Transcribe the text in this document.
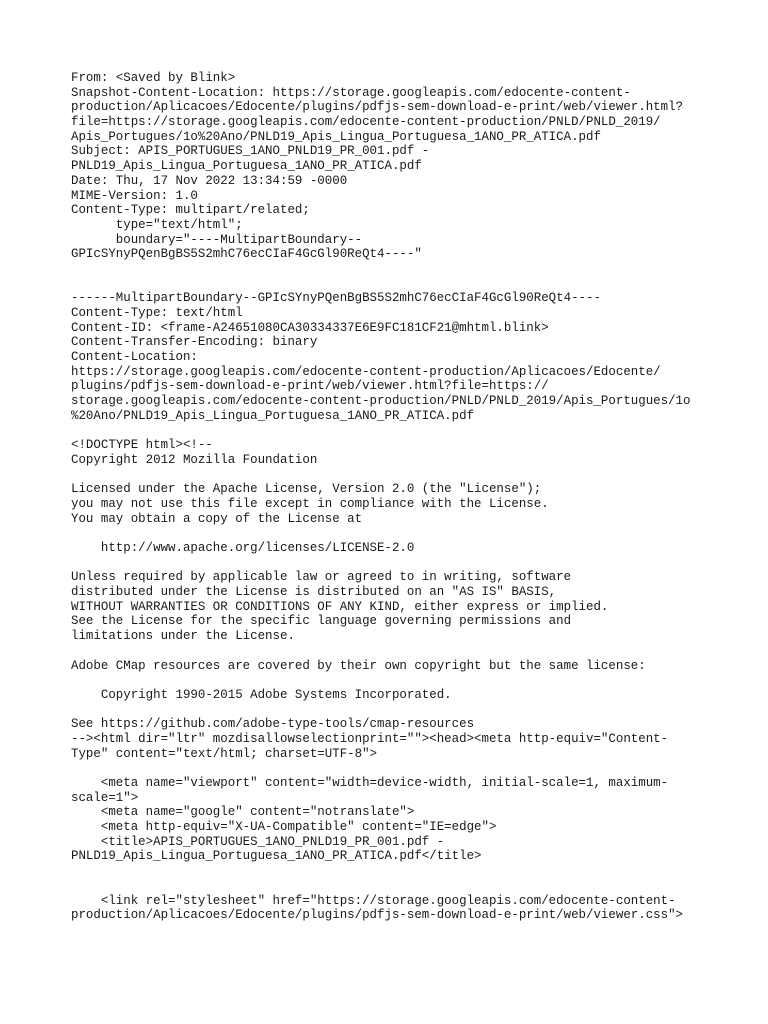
From: <Saved by Blink>
Snapshot-Content-Location: https://storage.googleapis.com/edocente-content-
production/Aplicacoes/Edocente/plugins/pdfjs-sem-download-e-print/web/viewer.html?
file=https://storage.googleapis.com/edocente-content-production/PNLD/PNLD_2019/
Apis_Portugues/1o%20Ano/PNLD19_Apis_Lingua_Portuguesa_1ANO_PR_ATICA.pdf
Subject: APIS_PORTUGUES_1ANO_PNLD19_PR_001.pdf -
PNLD19_Apis_Lingua_Portuguesa_1ANO_PR_ATICA.pdf
Date: Thu, 17 Nov 2022 13:34:59 -0000
MIME-Version: 1.0
Content-Type: multipart/related;
type="text/html";
boundary="----MultipartBoundary--
GPIcSYnyPQenBgBS5S2mhC76ecCIaF4GcGl90ReQt4----"
------MultipartBoundary--GPIcSYnyPQenBgBS5S2mhC76ecCIaF4GcGl90ReQt4----
Content-Type: text/html
Content-ID: <frame-A24651080CA30334337E6E9FC181CF21@mhtml.blink>
Content-Transfer-Encoding: binary
Content-Location:
https://storage.googleapis.com/edocente-content-production/Aplicacoes/Edocente/
plugins/pdfjs-sem-download-e-print/web/viewer.html?file=https://
storage.googleapis.com/edocente-content-production/PNLD/PNLD_2019/Apis_Portugues/1o
%20Ano/PNLD19_Apis_Lingua_Portuguesa_1ANO_PR_ATICA.pdf
<!DOCTYPE html><!--
Copyright 2012 Mozilla Foundation
Licensed under the Apache License, Version 2.0 (the "License");
you may not use this file except in compliance with the License.
You may obtain a copy of the License at
http://www.apache.org/licenses/LICENSE-2.0
Unless required by applicable law or agreed to in writing, software
distributed under the License is distributed on an "AS IS" BASIS,
WITHOUT WARRANTIES OR CONDITIONS OF ANY KIND, either express or implied.
See the License for the specific language governing permissions and
limitations under the License.
Adobe CMap resources are covered by their own copyright but the same license:
Copyright 1990-2015 Adobe Systems Incorporated.
See https://github.com/adobe-type-tools/cmap-resources
--><html dir="ltr" mozdisallowselectionprint=""><head><meta http-equiv="Content-
Type" content="text/html; charset=UTF-8">
<meta name="viewport" content="width=device-width, initial-scale=1, maximum-
scale=1">
<meta name="google" content="notranslate">
<meta http-equiv="X-UA-Compatible" content="IE=edge">
<title>APIS_PORTUGUES_1ANO_PNLD19_PR_001.pdf -
PNLD19_Apis_Lingua_Portuguesa_1ANO_PR_ATICA.pdf</title>
<link rel="stylesheet" href="https://storage.googleapis.com/edocente-content-
production/Aplicacoes/Edocente/plugins/pdfjs-sem-download-e-print/web/viewer.css">
